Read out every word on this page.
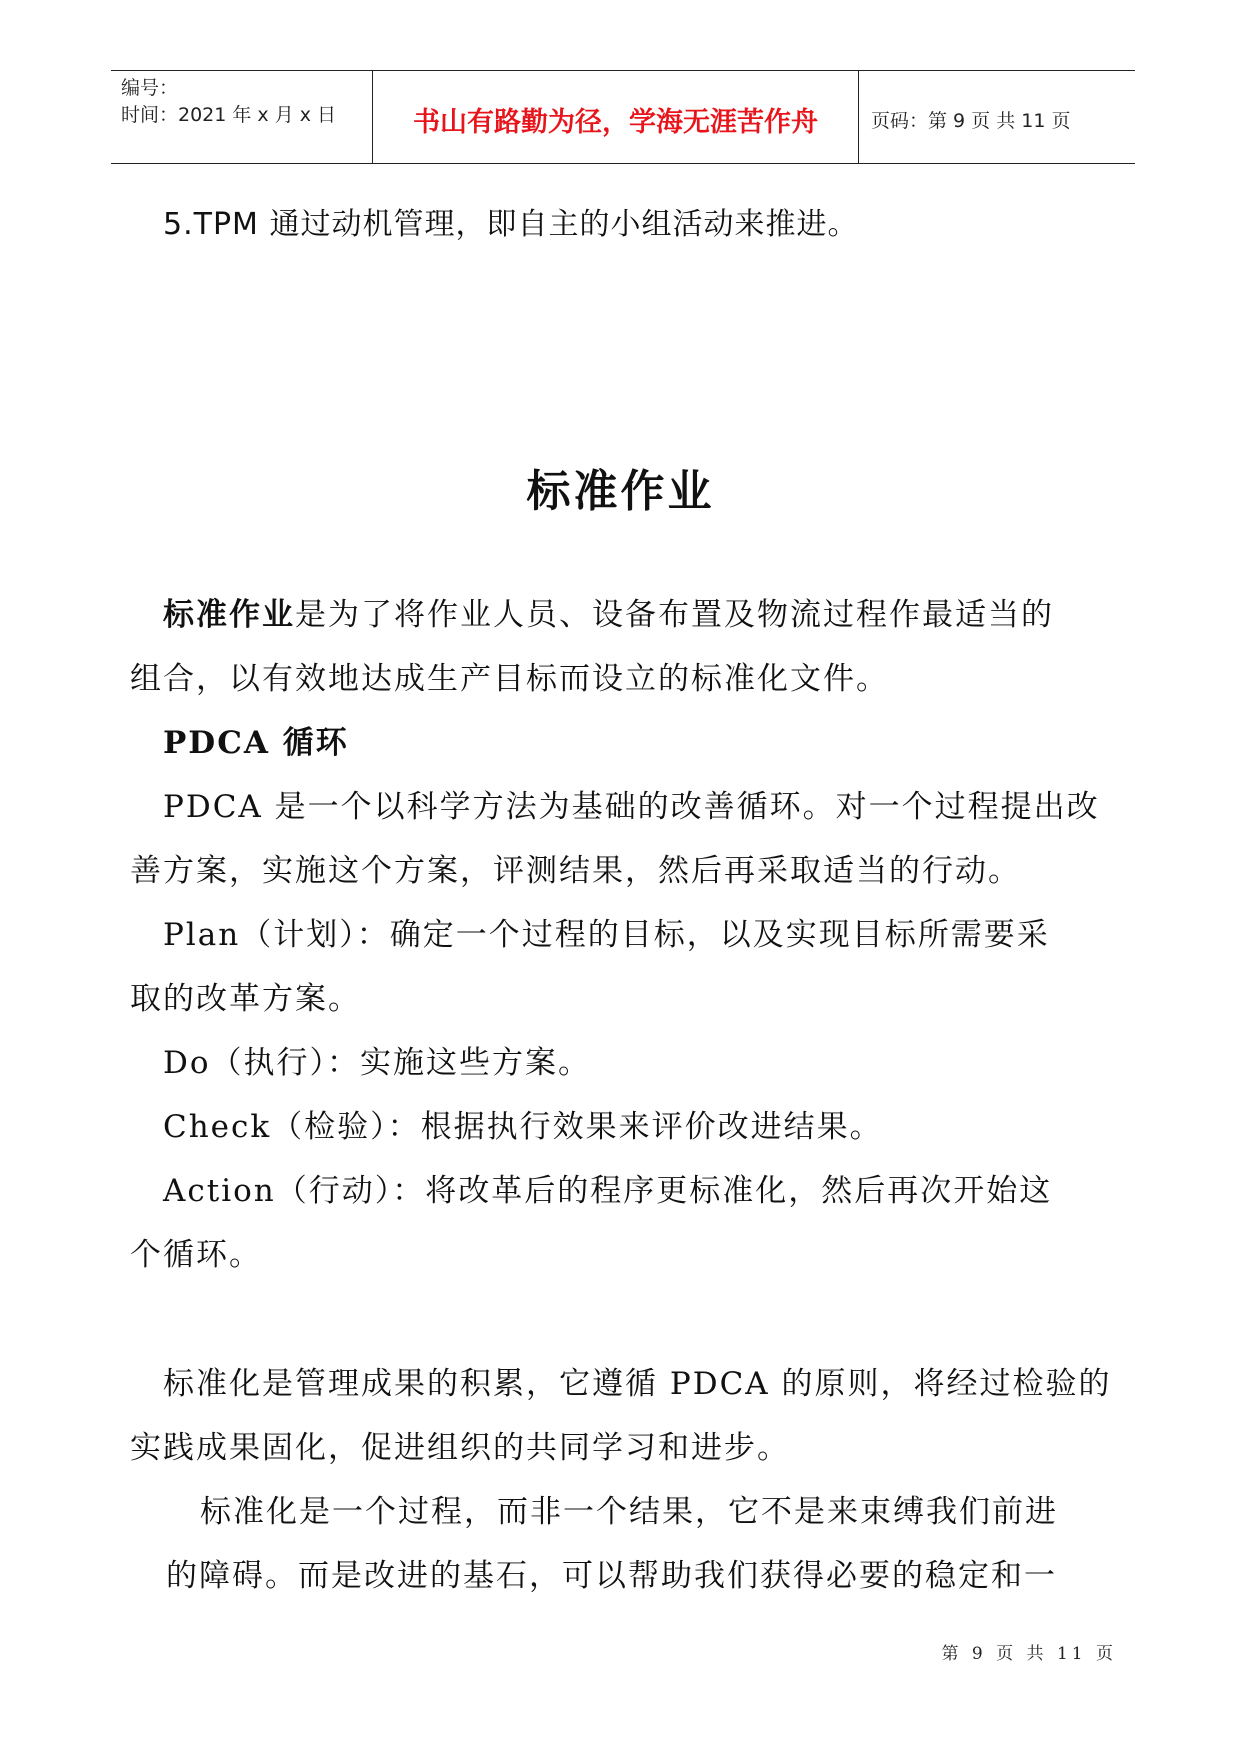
编号：
时间：2021 年 x 月 x 日	书山有路勤为径，学海无涯苦作舟	页码：第 9 页 共 11 页
5.TPM 通过动机管理，即自主的小组活动来推进。
标准作业
标准作业是为了将作业人员、设备布置及物流过程作最适当的
组合，以有效地达成生产目标而设立的标准化文件。
PDCA 循环
PDCA 是一个以科学方法为基础的改善循环。对一个过程提出改
善方案，实施这个方案，评测结果，然后再采取适当的行动。
Plan（计划）：确定一个过程的目标，以及实现目标所需要采
取的改革方案。
Do（执行）：实施这些方案。
Check（检验）：根据执行效果来评价改进结果。
Action（行动）：将改革后的程序更标准化，然后再次开始这
个循环。
标准化是管理成果的积累，它遵循 PDCA 的原则，将经过检验的
实践成果固化，促进组织的共同学习和进步。
标准化是一个过程，而非一个结果，它不是来束缚我们前进
的障碍。而是改进的基石，可以帮助我们获得必要的稳定和一
第 9 页 共 11 页
